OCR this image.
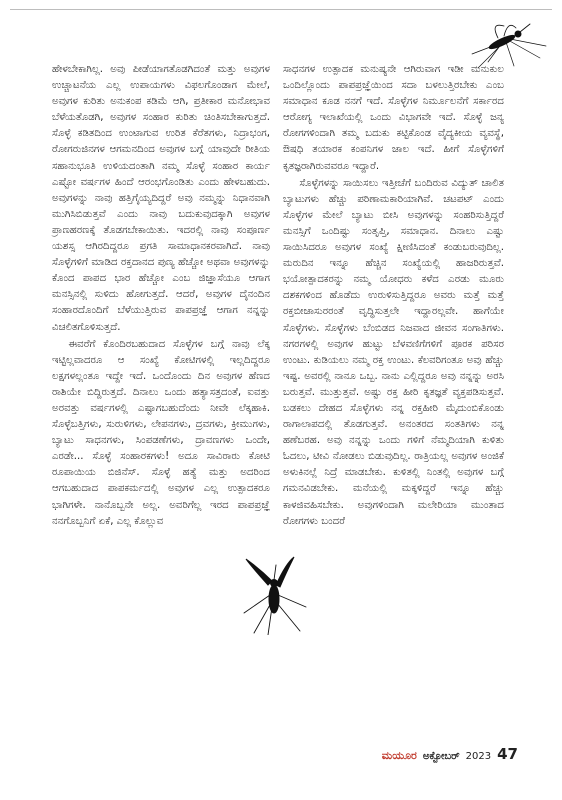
ಹೇಳಬೇಕಾಗಿಲ್ಲ. ಅವು ಪೀಡೆಯಾಗತೊಡಗಿದಂತೆ ಮತ್ತು ಅವುಗಳ ಉಚ್ಚಾಟನೆಯ ಎಲ್ಲ ಉಪಾಯಗಳು ವಿಫಲಗೊಂಡಾಗ ಮೇಲೆ, ಅವುಗಳ ಕುರಿತು ಅನುಕಂಪ ಕಡಿಮೆ ಆಗಿ, ಪ್ರತೀಕಾರ ಮನೋಭಾವ ಬೆಳೆಯತೊಡಗಿ, ಅವುಗಳ ಸಂಹಾರ ಕುರಿತು ಚಿಂತಿಸಬೇಕಾಗುತ್ತದೆ. ಸೊಳ್ಳೆ ಕಡಿತದಿಂದ ಉಂಟಾಗುವ ಉರಿತ ಕೆರೆತಗಳು, ನಿದ್ರಾಭಂಗ, ರೋಗರುಜಿನಗಳ ಆಗಮನದಿಂದ ಅವುಗಳ ಬಗ್ಗೆ ಯಾವುದೇ ರೀತಿಯ ಸಹಾನುಭೂತಿ ಉಳಿಯದಂತಾಗಿ ನಮ್ಮ ಸೊಳ್ಳೆ ಸಂಹಾರ ಕಾರ್ಯ ಎಷ್ಟೋ ವರ್ಷಗಳ ಹಿಂದೆ ಆರಂಭಗೊಂಡಿತು ಎಂದು ಹೇಳಬಹುದು. ಅವುಗಳನ್ನು ನಾವು ಹತ್ತಿಗೈಯ್ಯದಿದ್ದರೆ ಅವು ನಮ್ಮನ್ನು ನಿಧಾನವಾಗಿ ಮುಗಿಸಿಬಿಡುತ್ತವೆ ಎಂದು ನಾವು ಬದುಕುವುದಕ್ಕಾಗಿ ಅವುಗಳ ಪ್ರಾಣಹರಣಕ್ಕೆ ತೊಡಗಬೇಕಾಯಿತು. ಇದರಲ್ಲಿ ನಾವು ಸಂಪೂರ್ಣ ಯಶಸ್ಸ ಆಗಿರದಿದ್ದರೂ ಪ್ರಗತಿ ಸಾಮಾಧಾನಕರವಾಗಿದೆ. ನಾವು ಸೊಳ್ಳೆಗಳಿಗೆ ಮಾಡಿದ ರಕ್ತದಾನದ ಪುಣ್ಯ ಹೆಚ್ಚೋ ಅಥವಾ ಅವುಗಳನ್ನು ಕೊಂದ ಪಾಪದ ಭಾರ ಹೆಚ್ಚೋ ಎಂಬ ಜಿಜ್ಞಾಸೆಯೂ ಆಗಾಗ ಮನಸ್ಸಿನಲ್ಲಿ ಸುಳಿದು ಹೋಗುತ್ತದೆ. ಆದರೆ, ಅವುಗಳ ದೈನಂದಿನ ಸಂಹಾರದೊಂದಿಗೆ ಬೆಳೆಯುತ್ತಿರುವ ಪಾಪಪ್ರಜ್ಞೆ ಆಗಾಗ ನನ್ನನ್ನು ವಿಚಲಿತಗೊಳಿಸುತ್ತದೆ.

ಈವರೆಗೆ ಕೊಂದಿರಬಹುದಾದ ಸೊಳ್ಳೆಗಳ ಬಗ್ಗೆ ನಾವು ಲೆಕ್ಕ ಇಟ್ಟಿಲ್ಲವಾದರೂ ಆ ಸಂಖ್ಯೆ ಕೋಟಿಗಳಲ್ಲಿ ಇಲ್ಲದಿದ್ದರೂ ಲಕ್ಷಗಳಲ್ಲಂತೂ ಇದ್ದೇ ಇದೆ. ಒಂದೊಂದು ದಿನ ಅವುಗಳ ಹೆಣದ ರಾಶಿಯೇ ಬಿದ್ದಿರುತ್ತದೆ. ದಿನಾಲು ಒಂದು ಹತ್ಯಾಸತ್ರದಂತೆ, ಐವತ್ತು ಅರವತ್ತು ವರ್ಷಗಳಲ್ಲಿ ಎಷ್ಟಾಗಬಹುದೆಂದು ನೀವೇ ಲೆಕ್ಕಹಾಕಿ. ಸೊಳ್ಳೆಬತ್ತಿಗಳು, ಸುರುಳಿಗಳು, ಲೇಪನಗಳು, ದ್ರವಗಳು, ಕ್ರೀಮುಗಳು, ಬ್ಯಾಟು ಸಾಧನಗಳು, ಸಿಂಪಡಣೆಗಳು, ದ್ರಾವಣಗಳು ಒಂದೇ, ಎರಡೇ... ಸೊಳ್ಳೆ ಸಂಹಾರಕಗಳು! ಅದೂ ಸಾವಿರಾರು ಕೋಟಿ ರೂಪಾಯಿಯ ಬಿಜಿನೆಸ್. ಸೊಳ್ಳೆ ಹತ್ಯೆ ಮತ್ತು ಅದರಿಂದ ಆಗಬಹುದಾದ ಪಾಪಕರ್ಮದಲ್ಲಿ ಅವುಗಳ ಎಲ್ಲ ಉತ್ಪಾದಕರೂ ಭಾಗಿಗಳೇ. ನಾನೊಬ್ಬನೇ ಅಲ್ಲ. ಅವರಿಗೆಲ್ಲ ಇರದ ಪಾಪಪ್ರಜ್ಞೆ ನನಗೊಬ್ಬನಿಗೆ ಏಕೆ, ಎಲ್ಲ ಕೊಲ್ಲುವ

ಸಾಧನಗಳ ಉತ್ಪಾದಕ ಮನುಷ್ಯನೇ ಆಗಿರುವಾಗ ಇಡೀ ಮನುಕುಲ ಒಂದಿಲ್ಲೊಂದು ಪಾಪಪ್ರಜ್ಞೆಯಿಂದ ಸದಾ ಬಳಲುತ್ತಿರಬೇಕು ಎಂಬ ಸಮಾಧಾನ ಕೂಡ ನನಗೆ ಇದೆ. ಸೊಳ್ಳೆಗಳ ನಿರ್ಮೂಲನೆಗೆ ಸರ್ಕಾರದ ಆರೋಗ್ಯ ಇಲಾಖೆಯಲ್ಲಿ ಒಂದು ವಿಭಾಗವೇ ಇದೆ. ಸೊಳ್ಳೆ ಜನ್ಯ ರೋಗಗಳಿಂದಾಗಿ ತಮ್ಮ ಬದುಕು ಕಟ್ಟಿಕೊಂಡ ವೈದ್ಯಕೀಯ ವ್ಯವಸ್ಥೆ, ಔಷಧಿ ತಯಾರಕ ಕಂಪನಿಗಳ ಜಾಲ ಇದೆ. ಹೀಗೆ ಸೊಳ್ಳೆಗಳಿಗೆ ಕೃತಜ್ಞರಾಗಿರುವವರೂ ಇದ್ದಾರೆ.

ಸೊಳ್ಳೆಗಳನ್ನು ಸಾಯಿಸಲು ಇತ್ತೀಚೆಗೆ ಬಂದಿರುವ ವಿದ್ಯುತ್ ಚಾಲಿತ ಬ್ಯಾಟುಗಳು ಹೆಚ್ಚು ಪರಿಣಾಮಕಾರಿಯಾಗಿವೆ. ಚಟಪಟ್ ಎಂದು ಸೊಳ್ಳೆಗಳ ಮೇಲೆ ಬ್ಯಾಟು ಬೀಸಿ ಅವುಗಳನ್ನು ಸಂಹರಿಸುತ್ತಿದ್ದರೆ ಮನಸ್ಸಿಗೆ ಒಂದಿಷ್ಟು ಸಂತೃಪ್ತಿ, ಸಮಾಧಾನ. ದಿನಾಲು ಎಷ್ಟು ಸಾಯಿಸಿದರೂ ಅವುಗಳ ಸಂಖ್ಯೆ ಕ್ಷೀಣಿಸಿದಂತೆ ಕಂಡುಬರುವುದಿಲ್ಲ. ಮರುದಿನ ಇನ್ನೂ ಹೆಚ್ಚಿನ ಸಂಖ್ಯೆಯಲ್ಲಿ ಹಾಜರಿರುತ್ತವೆ. ಭಯೋತ್ಪಾದಕರನ್ನು ನಮ್ಮ ಯೋಧರು ಕಳೆದ ಎರಡು ಮೂರು ದಶಕಗಳಿಂದ ಹೊಡೆದು ಉರುಳಿಸುತ್ತಿದ್ದರೂ ಅವರು ಮತ್ತೆ ಮತ್ತೆ ರಕ್ತಬೀಜಾಸುರರಂತೆ ವೃದ್ಧಿಸುತ್ತಲೇ ಇದ್ದಾರಲ್ಲವೇ. ಹಾಗೆಯೇ ಸೊಳ್ಳೆಗಳು. ಸೊಳ್ಳೆಗಳು ಬೆಂಬಿಡದ ನಿಜವಾದ ಜೀವನ ಸಂಗಾತಿಗಳು. ನಗರಗಳಲ್ಲಿ ಅವುಗಳ ಹುಟ್ಟು ಬೆಳವಣಿಗೆಗಳಿಗೆ ಪೂರಕ ಪರಿಸರ ಉಂಟು. ಕುಡಿಯಲು ನಮ್ಮ ರಕ್ತ ಉಂಟು. ಕೆಲವರಿಗಂತೂ ಅವು ಹೆಚ್ಚು ಇಷ್ಟ. ಅವರಲ್ಲಿ ನಾನೂ ಒಬ್ಬ. ನಾನು ಎಲ್ಲಿದ್ದರೂ ಅವು ನನ್ನನ್ನು ಅರಸಿ ಬರುತ್ತವೆ. ಮುತ್ತುತ್ತವೆ. ಅಷ್ಟು ರಕ್ತ ಹೀರಿ ಕೃತಜ್ಞತೆ ವ್ಯಕ್ತಪಡಿಸುತ್ತವೆ. ಬಡಕಲು ದೇಹದ ಸೊಳ್ಳೆಗಳು ನನ್ನ ರಕ್ತಹೀರಿ ಮೈದುಂಬಿಕೊಂಡು ರಾಗಾಲಾಪದಲ್ಲಿ ತೊಡಗುತ್ತವೆ. ಅನಂತರದ ಸಂತತಿಗಳು ನನ್ನ ಹಣೆಬರಹ. ಅವು ನನ್ನನ್ನು ಒಂದು ಗಳಿಗೆ ನೆಮ್ಮದಿಯಾಗಿ ಕುಳಿತು ಓದಲು, ಟೀವಿ ನೋಡಲು ಬಿಡುವುದಿಲ್ಲ. ರಾತ್ರಿಯಲ್ಲ ಅವುಗಳ ಅಂಜಿಕೆ ಅಳುಕಿನಲ್ಲೆ ನಿದ್ರೆ ಮಾಡಬೇಕು. ಕುಳಿತಲ್ಲಿ ನಿಂತಲ್ಲಿ ಅವುಗಳ ಬಗ್ಗೆ ಗಮನವಿಡಬೇಕು. ಮನೆಯಲ್ಲಿ ಮಕ್ಕಳಿದ್ದರೆ ಇನ್ನೂ ಹೆಚ್ಚು ಕಾಳಜಿವಹಿಸಬೇಕು. ಅವುಗಳಿಂದಾಗಿ ಮಲೇರಿಯಾ ಮುಂತಾದ ರೋಗಗಳು ಬಂದರೆ

ಮಯೂರ ಅಕ್ಟೋಬರ್ 2023 47
